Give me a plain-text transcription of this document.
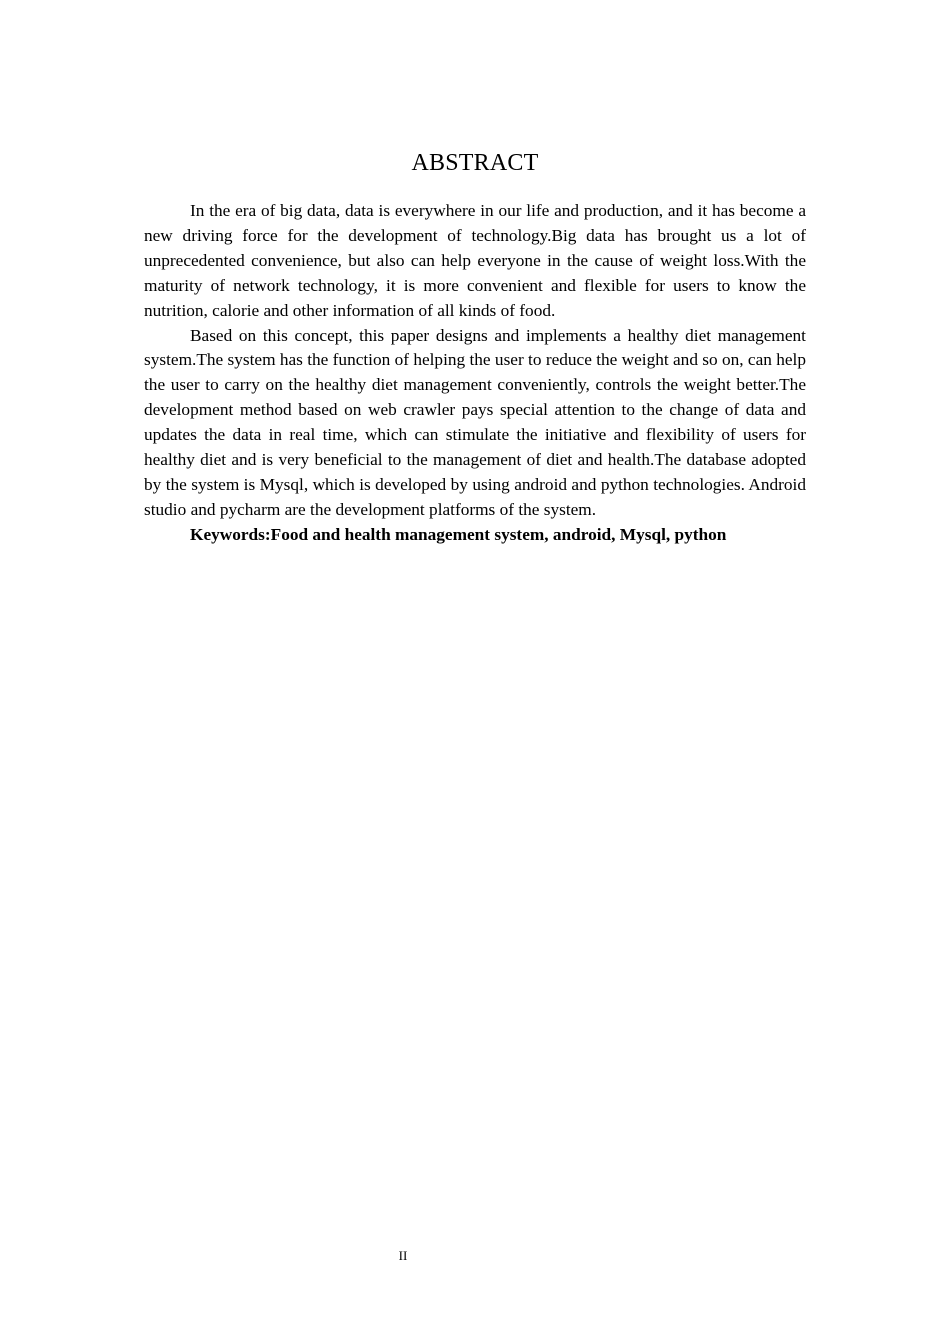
ABSTRACT

In the era of big data, data is everywhere in our life and production, and it has become a new driving force for the development of technology.Big data has brought us a lot of unprecedented convenience, but also can help everyone in the cause of weight loss.With the maturity of network technology, it is more convenient and flexible for users to know the nutrition, calorie and other information of all kinds of food.

Based on this concept, this paper designs and implements a healthy diet management system.The system has the function of helping the user to reduce the weight and so on, can help the user to carry on the healthy diet management conveniently, controls the weight better.The development method based on web crawler pays special attention to the change of data and updates the data in real time, which can stimulate the initiative and flexibility of users for healthy diet and is very beneficial to the management of diet and health.The database adopted by the system is Mysql, which is developed by using android and python technologies. Android studio and pycharm are the development platforms of the system.

Keywords:Food and health management system, android, Mysql, python

II
